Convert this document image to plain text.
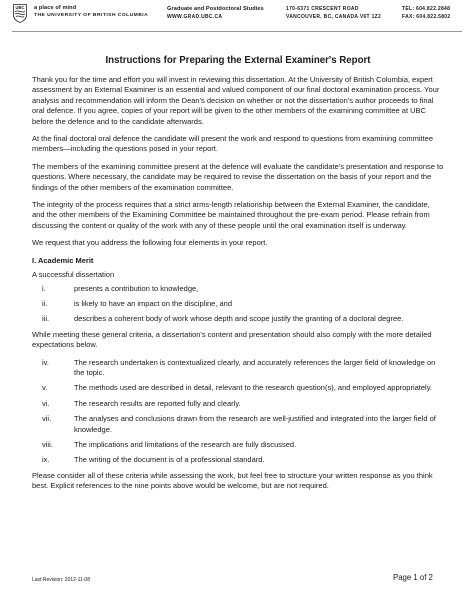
UBC a place of mind
THE UNIVERSITY OF BRITISH COLUMBIA
Graduate and Postdoctoral Studies
WWW.GRAD.UBC.CA
170-6371 CRESCENT ROAD
VANCOUVER, BC, CANADA V6T 1Z2
TEL: 604.822.2848
FAX: 604.822.5802
Instructions for Preparing the External Examiner's Report

Thank you for the time and effort you will invest in reviewing this dissertation. At the University of British Columbia, expert assessment by an External Examiner is an essential and valued component of our final doctoral examination process. Your analysis and recommendation will inform the Dean's decision on whether or not the dissertation's author proceeds to final oral defence. If you agree, copies of your report will be given to the other members of the examining committee at UBC before the defence and to the candidate afterwards.

At the final doctoral oral defence the candidate will present the work and respond to questions from examining committee members—including the questions posed in your report.

The members of the examining committee present at the defence will evaluate the candidate's presentation and response to questions. Where necessary, the candidate may be required to revise the dissertation on the basis of your report and the findings of the other members of the examination committee.

The integrity of the process requires that a strict arms-length relationship between the External Examiner, the candidate, and the other members of the Examining Committee be maintained throughout the pre-exam period. Please refrain from discussing the content or quality of the work with any of these people until the oral examination itself is underway.

We request that you address the following four elements in your report.

I. Academic Merit
A successful dissertation
i.	presents a contribution to knowledge,
ii.	is likely to have an impact on the discipline, and
iii.	describes a coherent body of work whose depth and scope justify the granting of a doctoral degree.

While meeting these general criteria, a dissertation's content and presentation should also comply with the more detailed expectations below.

iv.	The research undertaken is contextualized clearly, and accurately references the larger field of knowledge on the topic.
v.	The methods used are described in detail, relevant to the research question(s), and employed appropriately.
vi.	The research results are reported fully and clearly.
vii.	The analyses and conclusions drawn from the research are well-justified and integrated into the larger field of knowledge.
viii.	The implications and limitations of the research are fully discussed.
ix.	The writing of the document is of a professional standard.

Please consider all of these criteria while assessing the work, but feel free to structure your written response as you think best. Explicit references to the nine points above would be welcome, but are not required.

Last Revision: 2012-11-08	Page 1 of 2
